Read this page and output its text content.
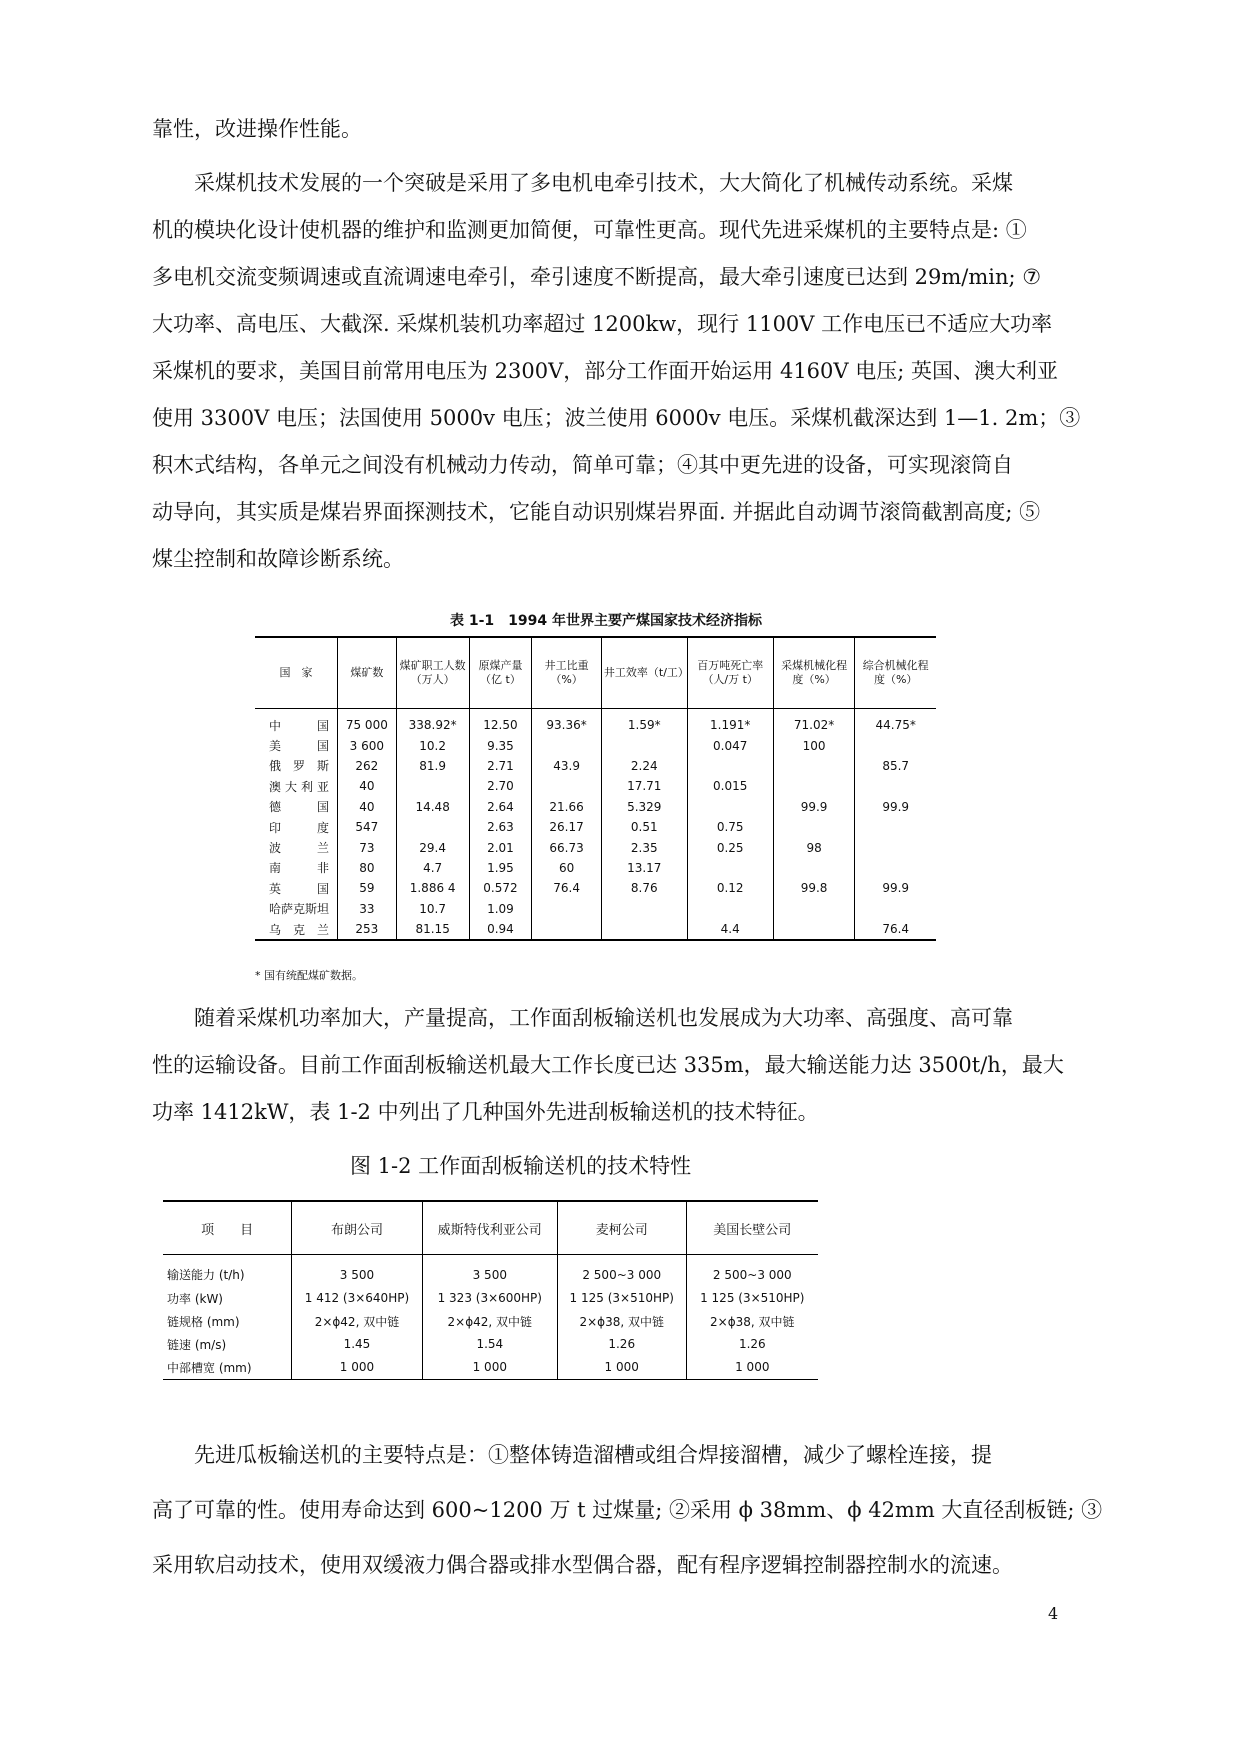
靠性，改进操作性能。
采煤机技术发展的一个突破是采用了多电机电牵引技术，大大简化了机械传动系统。采煤
机的模块化设计使机器的维护和监测更加简便，可靠性更高。现代先进采煤机的主要特点是: ①
多电机交流变频调速或直流调速电牵引，牵引速度不断提高，最大牵引速度已达到 29m/min; ⑦
大功率、高电压、大截深. 采煤机装机功率超过 1200kw，现行 1100V 工作电压已不适应大功率
采煤机的要求，美国目前常用电压为 2300V，部分工作面开始运用 4160V 电压; 英国、澳大利亚
使用 3300V 电压；法国使用 5000v 电压；波兰使用 6000v 电压。采煤机截深达到 1—1. 2m；③
积木式结构，各单元之间没有机械动力传动，简单可靠；④其中更先进的设备，可实现滚筒自
动导向，其实质是煤岩界面探测技术，它能自动识别煤岩界面. 并据此自动调节滚筒截割高度; ⑤
煤尘控制和故障诊断系统。
表 1-1　1994 年世界主要产煤国家技术经济指标
国　家	煤矿数	煤矿职工人数（万人）	原煤产量（亿 t）	井工比重（%）	井工效率（t/工）	百万吨死亡率（人/万 t）	采煤机械化程度（%）	综合机械化程度（%）
中国	75 000	338.92*	12.50	93.36*	1.59*	1.191*	71.02*	44.75*
美国	3 600	10.2	9.35			0.047	100	
俄罗斯	262	81.9	2.71	43.9	2.24			85.7
澳大利亚	40		2.70		17.71	0.015		
德国	40	14.48	2.64	21.66	5.329		99.9	99.9
印度	547		2.63	26.17	0.51	0.75		
波兰	73	29.4	2.01	66.73	2.35	0.25	98	
南非	80	4.7	1.95	60	13.17			
英国	59	1.886 4	0.572	76.4	8.76	0.12	99.8	99.9
哈萨克斯坦	33	10.7	1.09					
乌克兰	253	81.15	0.94			4.4		76.4
* 国有统配煤矿数据。
随着采煤机功率加大，产量提高，工作面刮板输送机也发展成为大功率、高强度、高可靠
性的运输设备。目前工作面刮板输送机最大工作长度已达 335m，最大输送能力达 3500t/h，最大
功率 1412kW，表 1-2 中列出了几种国外先进刮板输送机的技术特征。
图 1-2 工作面刮板输送机的技术特性
项　　目	布朗公司	威斯特伐利亚公司	麦柯公司	美国长壁公司
输送能力 (t/h)	3 500	3 500	2 500~3 000	2 500~3 000
功率 (kW)	1 412 (3×640HP)	1 323 (3×600HP)	1 125 (3×510HP)	1 125 (3×510HP)
链规格 (mm)	2×ϕ42, 双中链	2×ϕ42, 双中链	2×ϕ38, 双中链	2×ϕ38, 双中链
链速 (m/s)	1.45	1.54	1.26	1.26
中部槽宽 (mm)	1 000	1 000	1 000	1 000
先进瓜板输送机的主要特点是：①整体铸造溜槽或组合焊接溜槽，减少了螺栓连接，提
高了可靠的性。使用寿命达到 600~1200 万 t 过煤量; ②采用 ϕ 38mm、ϕ 42mm 大直径刮板链; ③
采用软启动技术，使用双缓液力偶合器或排水型偶合器，配有程序逻辑控制器控制水的流速。
4
